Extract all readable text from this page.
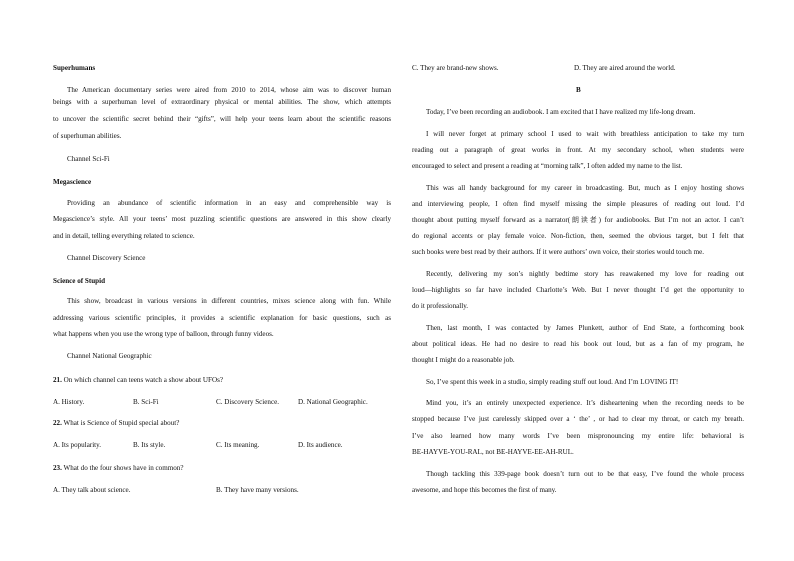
Superhumans
The American documentary series were aired from 2010 to 2014, whose aim was to discover human
beings with a superhuman level of extraordinary physical or mental abilities. The show, which attempts
to uncover the scientific secret behind their “gifts”, will help your teens learn about the scientific reasons
of superhuman abilities.
Channel Sci-Fi
Megascience
Providing an abundance of scientific information in an easy and comprehensible way is
Megascience’s style. All your teens’ most puzzling scientific questions are answered in this show clearly
and in detail, telling everything related to science.
Channel Discovery Science
Science of Stupid
This show, broadcast in various versions in different countries, mixes science along with fun. While
addressing various scientific principles, it provides a scientific explanation for basic questions, such as
what happens when you use the wrong type of balloon, through funny videos.
Channel National Geographic
21. On which channel can teens watch a show about UFOs?
A. History.	B. Sci-Fi	C. Discovery Science.	D. National Geographic.
22. What is Science of Stupid special about?
A. Its popularity.	B. Its style.	C. Its meaning.	D. Its audience.
23. What do the four shows have in common?
A. They talk about science.	B. They have many versions.
C. They are brand-new shows.	D. They are aired around the world.
B
Today, I’ve been recording an audiobook. I am excited that I have realized my life-long dream.
I will never forget at primary school I used to wait with breathless anticipation to take my turn
reading out a paragraph of great works in front. At my secondary school, when students were
encouraged to select and present a reading at “morning talk”, I often added my name to the list.
This was all handy background for my career in broadcasting. But, much as I enjoy hosting shows
and interviewing people, I often find myself missing the simple pleasures of reading out loud. I’d
thought about putting myself forward as a narrator(朗读者) for audiobooks. But I’m not an actor. I can’t
do regional accents or play female voice. Non-fiction, then, seemed the obvious target, but I felt that
such books were best read by their authors. If it were authors’ own voice, their stories would touch me.
Recently, delivering my son’s nightly bedtime story has reawakened my love for reading out
loud—highlights so far have included Charlotte’s Web. But I never thought I’d get the opportunity to
do it professionally.
Then, last month, I was contacted by James Plunkett, author of End State, a forthcoming book
about political ideas. He had no desire to read his book out loud, but as a fan of my program, he
thought I might do a reasonable job.
So, I’ve spent this week in a studio, simply reading stuff out loud. And I’m LOVING IT!
Mind you, it’s an entirely unexpected experience. It’s disheartening when the recording needs to be
stopped because I’ve just carelessly skipped over a ‘ the’ , or had to clear my throat, or catch my breath.
I’ve also learned how many words I’ve been mispronouncing my entire life: behavioral is
BE-HAYVE-YOU-RAL, not BE-HAYVE-EE-AH-RUL.
Though tackling this 339-page book doesn’t turn out to be that easy, I’ve found the whole process
awesome, and hope this becomes the first of many.
